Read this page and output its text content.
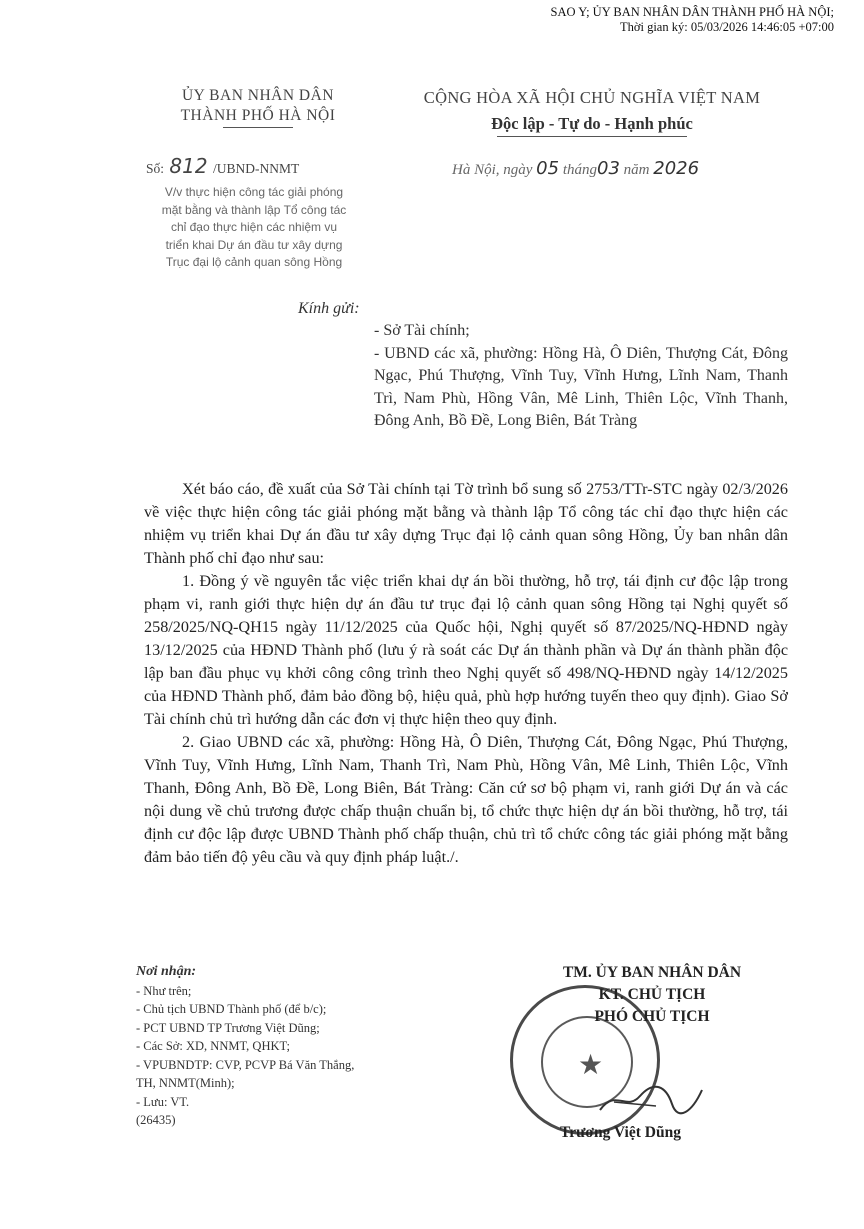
SAO Y; ỦY BAN NHÂN DÂN THÀNH PHỐ HÀ NỘI;
Thời gian ký: 05/03/2026 14:46:05 +07:00
ỦY BAN NHÂN DÂN
THÀNH PHỐ HÀ NỘI
CỘNG HÒA XÃ HỘI CHỦ NGHĨA VIỆT NAM
Độc lập - Tự do - Hạnh phúc
Số: 812 /UBND-NNMT	Hà Nội, ngày 05 tháng03 năm 2026
V/v thực hiện công tác giải phóng
mặt bằng và thành lập Tổ công tác
chỉ đạo thực hiện các nhiệm vụ
triển khai Dự án đầu tư xây dựng
Trục đại lộ cảnh quan sông Hồng
Kính gửi:
- Sở Tài chính;
- UBND các xã, phường: Hồng Hà, Ô Diên, Thượng Cát, Đông Ngạc, Phú Thượng, Vĩnh Tuy, Vĩnh Hưng, Lĩnh Nam, Thanh Trì, Nam Phù, Hồng Vân, Mê Linh, Thiên Lộc, Vĩnh Thanh, Đông Anh, Bồ Đề, Long Biên, Bát Tràng

Xét báo cáo, đề xuất của Sở Tài chính tại Tờ trình bổ sung số 2753/TTr-STC ngày 02/3/2026 về việc thực hiện công tác giải phóng mặt bằng và thành lập Tổ công tác chỉ đạo thực hiện các nhiệm vụ triển khai Dự án đầu tư xây dựng Trục đại lộ cảnh quan sông Hồng, Ủy ban nhân dân Thành phố chỉ đạo như sau:

1. Đồng ý về nguyên tắc việc triển khai dự án bồi thường, hỗ trợ, tái định cư độc lập trong phạm vi, ranh giới thực hiện dự án đầu tư trục đại lộ cảnh quan sông Hồng tại Nghị quyết số 258/2025/NQ-QH15 ngày 11/12/2025 của Quốc hội, Nghị quyết số 87/2025/NQ-HĐND ngày 13/12/2025 của HĐND Thành phố (lưu ý rà soát các Dự án thành phần và Dự án thành phần độc lập ban đầu phục vụ khởi công công trình theo Nghị quyết số 498/NQ-HĐND ngày 14/12/2025 của HĐND Thành phố, đảm bảo đồng bộ, hiệu quả, phù hợp hướng tuyến theo quy định). Giao Sở Tài chính chủ trì hướng dẫn các đơn vị thực hiện theo quy định.

2. Giao UBND các xã, phường: Hồng Hà, Ô Diên, Thượng Cát, Đông Ngạc, Phú Thượng, Vĩnh Tuy, Vĩnh Hưng, Lĩnh Nam, Thanh Trì, Nam Phù, Hồng Vân, Mê Linh, Thiên Lộc, Vĩnh Thanh, Đông Anh, Bồ Đề, Long Biên, Bát Tràng: Căn cứ sơ bộ phạm vi, ranh giới Dự án và các nội dung về chủ trương được chấp thuận chuẩn bị, tổ chức thực hiện dự án bồi thường, hỗ trợ, tái định cư độc lập được UBND Thành phố chấp thuận, chủ trì tổ chức công tác giải phóng mặt bằng đảm bảo tiến độ yêu cầu và quy định pháp luật./.

Nơi nhận:
- Như trên;
- Chủ tịch UBND Thành phố (để b/c);
- PCT UBND TP Trương Việt Dũng;
- Các Sở: XD, NNMT, QHKT;
- VPUBNDTP: CVP, PCVP Bá Văn Thắng,
TH, NNMT(Minh);
- Lưu: VT.
(26435)
★
TM. ỦY BAN NHÂN DÂN
KT. CHỦ TỊCH
PHÓ CHỦ TỊCH
Trương Việt Dũng
